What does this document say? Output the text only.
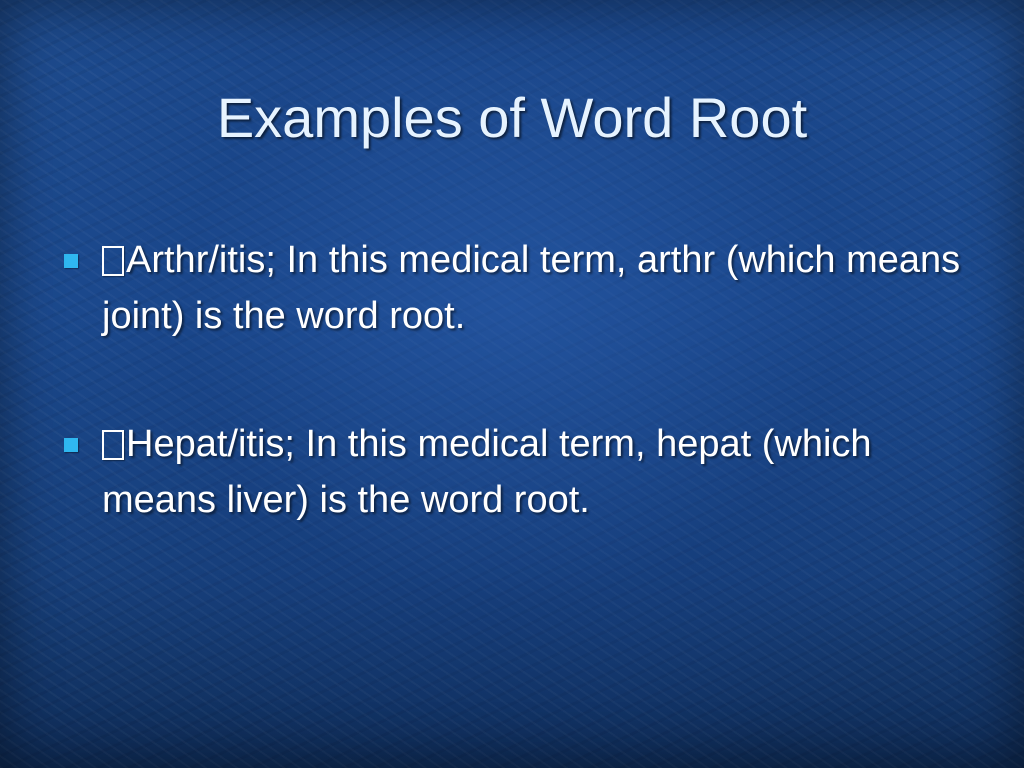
Examples of Word Root
Arthr/itis; In this medical term, arthr (which means joint) is the word root.
Hepat/itis; In this medical term, hepat (which means liver) is the word root.
